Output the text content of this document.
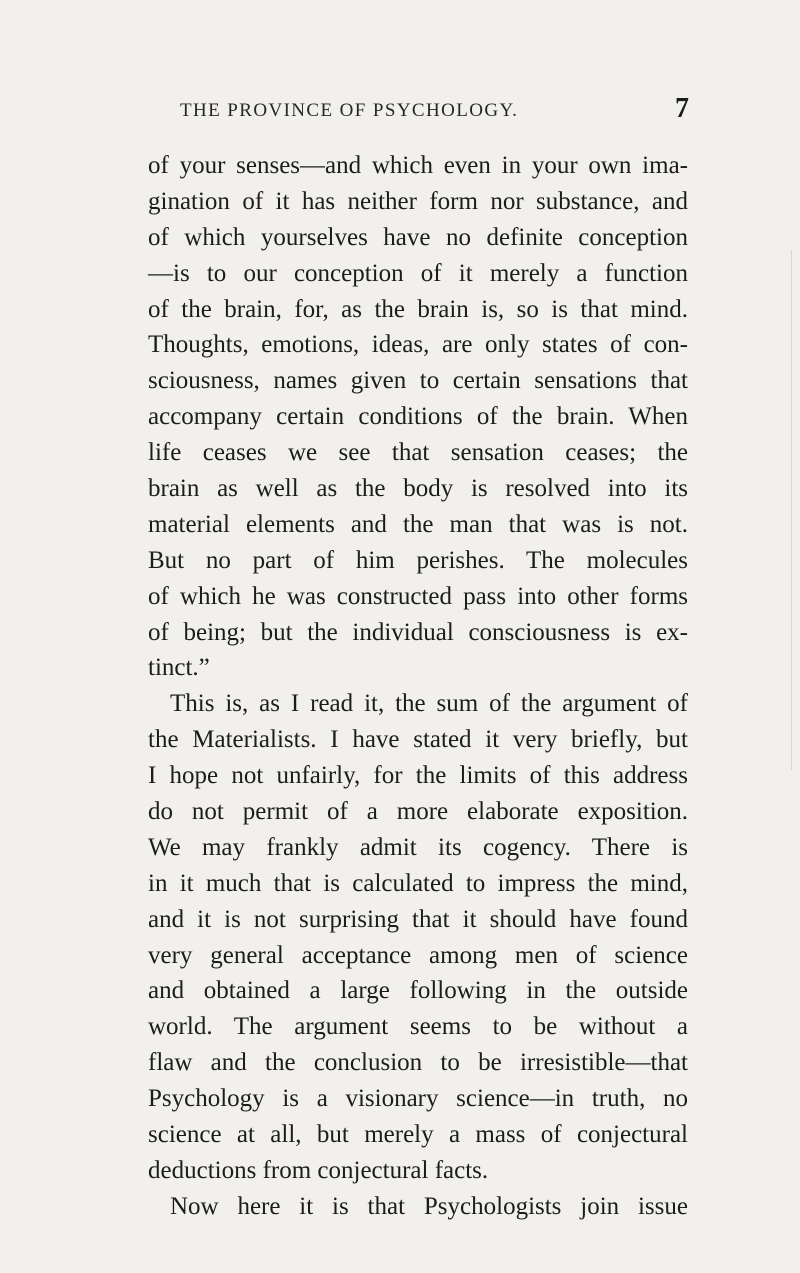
THE PROVINCE OF PSYCHOLOGY.	7
of your senses—and which even in your own ima-
gination of it has neither form nor substance, and
of which yourselves have no definite conception
—is to our conception of it merely a function
of the brain, for, as the brain is, so is that mind.
Thoughts, emotions, ideas, are only states of con-
sciousness, names given to certain sensations that
accompany certain conditions of the brain. When
life ceases we see that sensation ceases; the
brain as well as the body is resolved into its
material elements and the man that was is not.
But no part of him perishes. The molecules
of which he was constructed pass into other forms
of being; but the individual consciousness is ex-
tinct.”
This is, as I read it, the sum of the argument of
the Materialists. I have stated it very briefly, but
I hope not unfairly, for the limits of this address
do not permit of a more elaborate exposition.
We may frankly admit its cogency. There is
in it much that is calculated to impress the mind,
and it is not surprising that it should have found
very general acceptance among men of science
and obtained a large following in the outside
world. The argument seems to be without a
flaw and the conclusion to be irresistible—that
Psychology is a visionary science—in truth, no
science at all, but merely a mass of conjectural
deductions from conjectural facts.
Now here it is that Psychologists join issue
